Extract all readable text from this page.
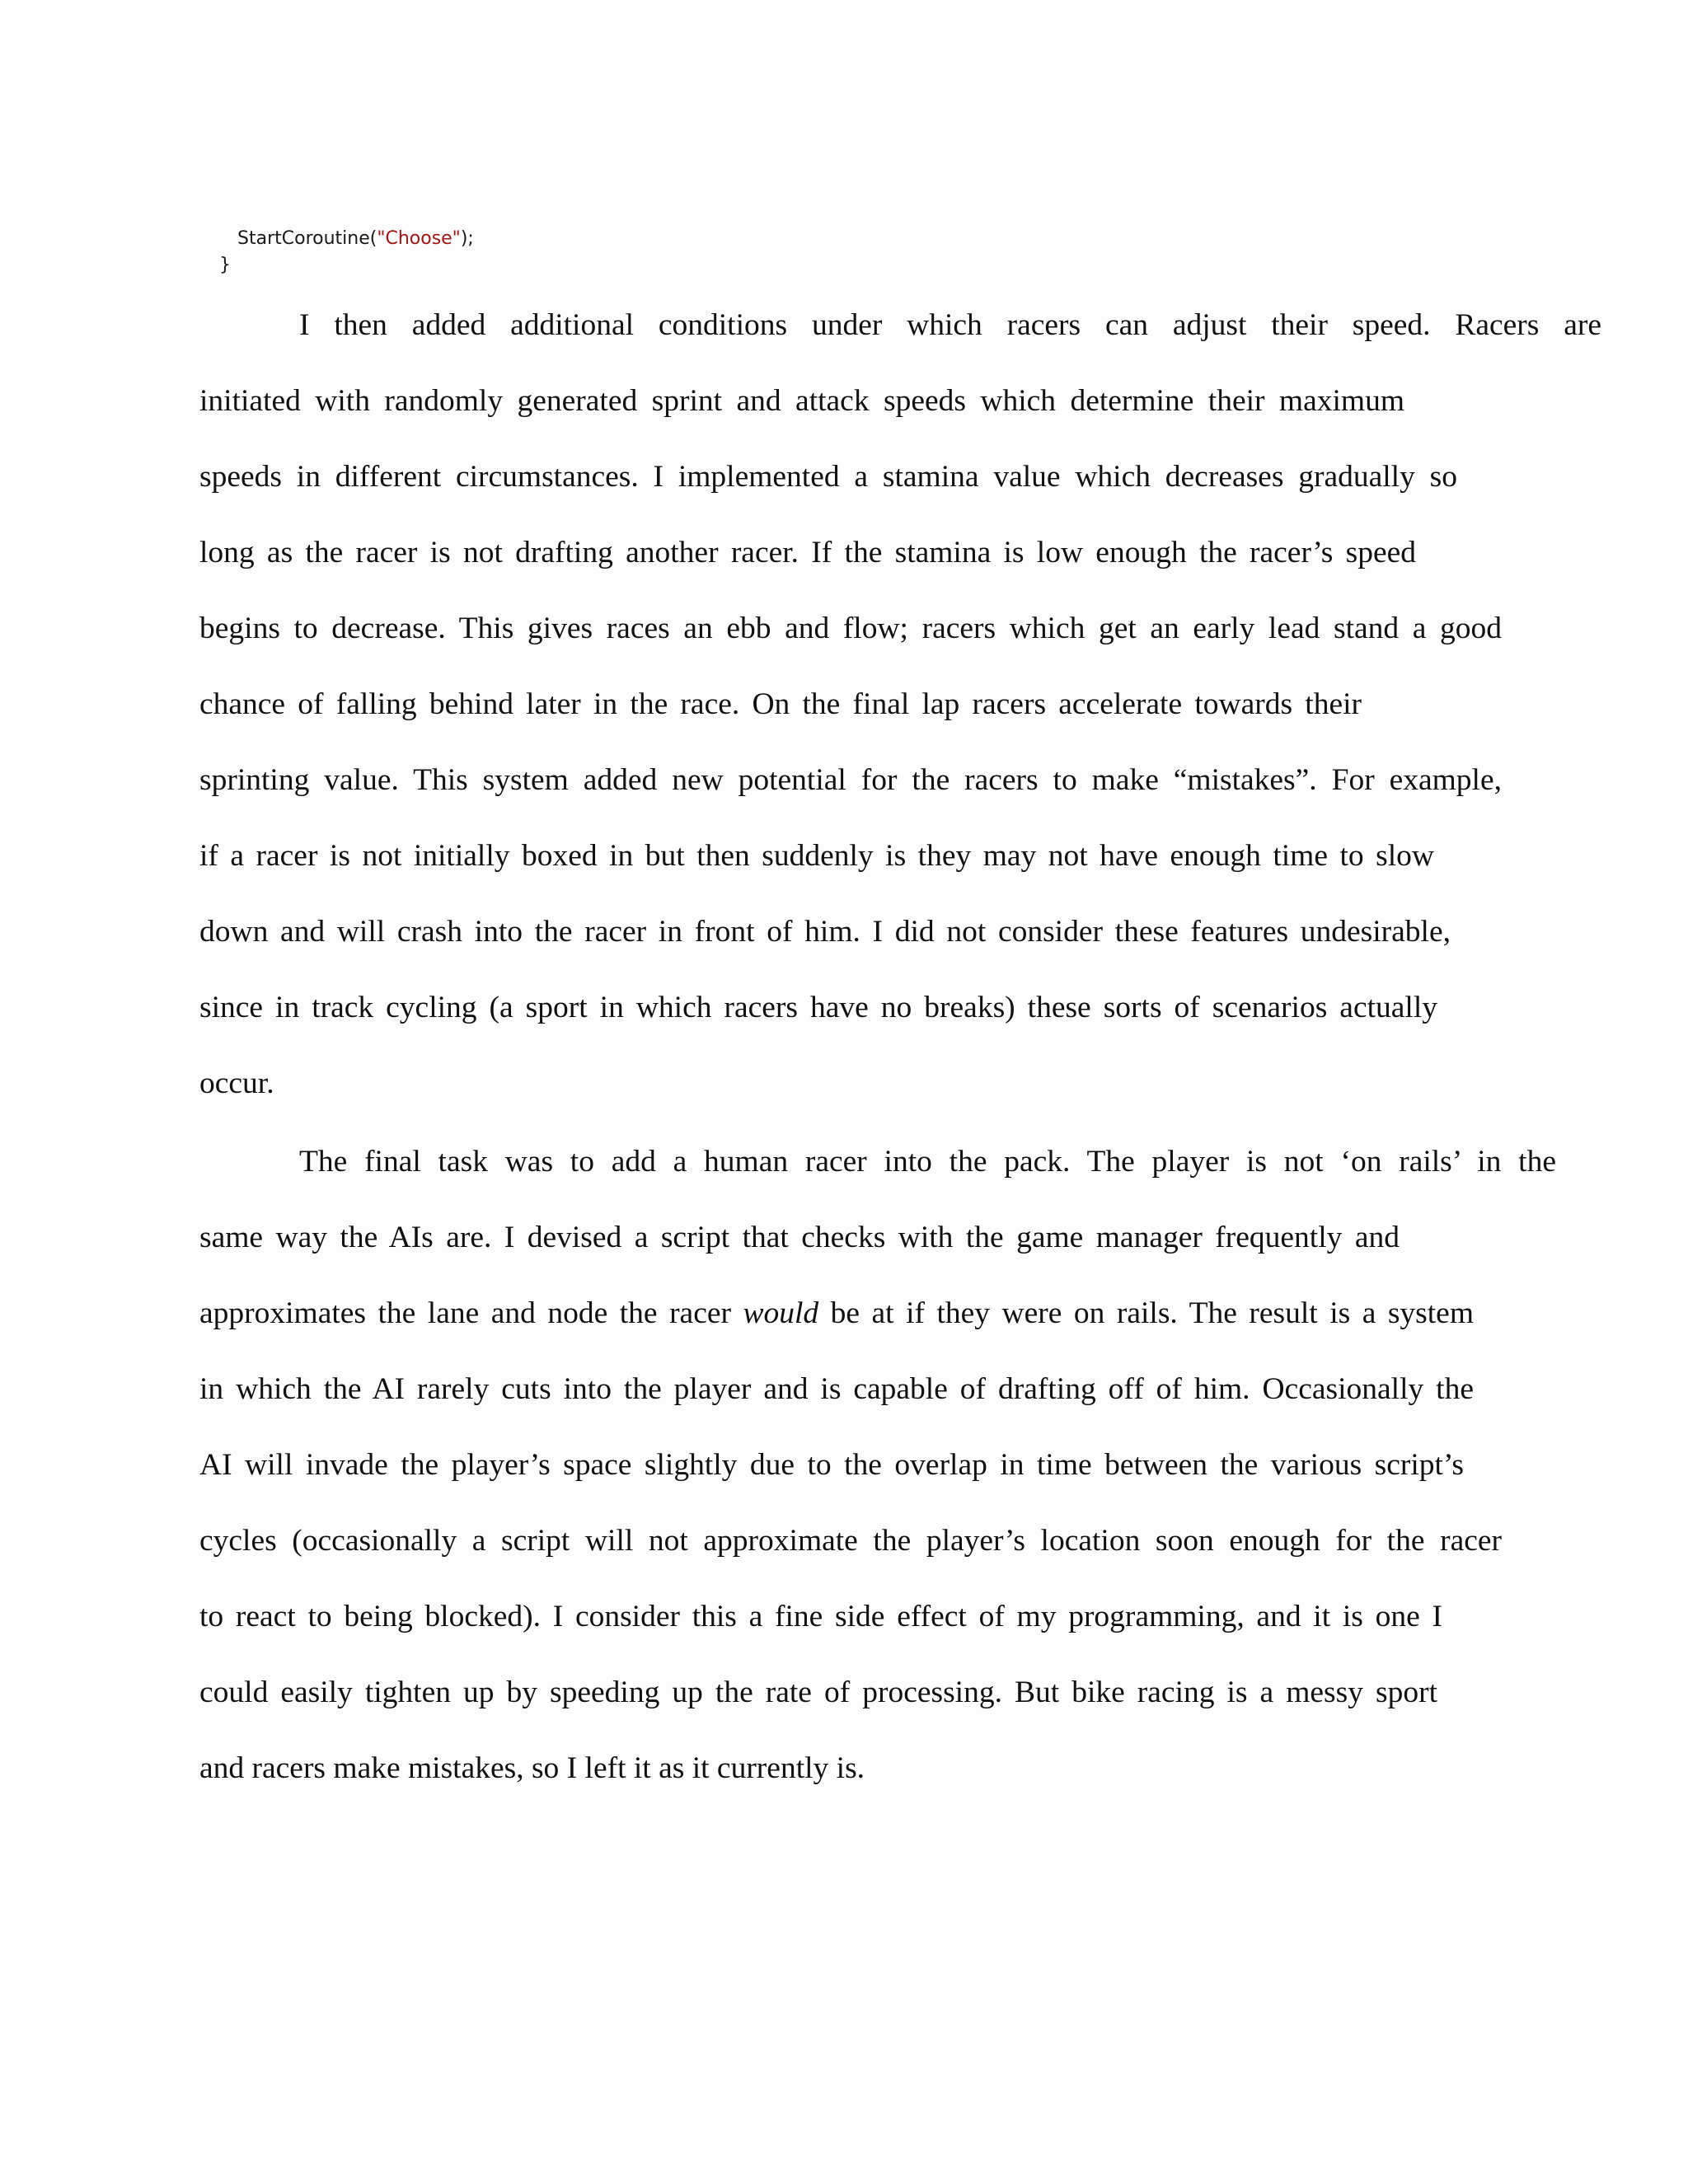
StartCoroutine("Choose");
}
I then added additional conditions under which racers can adjust their speed. Racers are
initiated with randomly generated sprint and attack speeds which determine their maximum
speeds in different circumstances. I implemented a stamina value which decreases gradually so
long as the racer is not drafting another racer. If the stamina is low enough the racer’s speed
begins to decrease. This gives races an ebb and flow; racers which get an early lead stand a good
chance of falling behind later in the race. On the final lap racers accelerate towards their
sprinting value. This system added new potential for the racers to make “mistakes”. For example,
if a racer is not initially boxed in but then suddenly is they may not have enough time to slow
down and will crash into the racer in front of him. I did not consider these features undesirable,
since in track cycling (a sport in which racers have no breaks) these sorts of scenarios actually
occur.
The final task was to add a human racer into the pack. The player is not ‘on rails’ in the
same way the AIs are. I devised a script that checks with the game manager frequently and
approximates the lane and node the racer would be at if they were on rails. The result is a system
in which the AI rarely cuts into the player and is capable of drafting off of him. Occasionally the
AI will invade the player’s space slightly due to the overlap in time between the various script’s
cycles (occasionally a script will not approximate the player’s location soon enough for the racer
to react to being blocked). I consider this a fine side effect of my programming, and it is one I
could easily tighten up by speeding up the rate of processing. But bike racing is a messy sport
and racers make mistakes, so I left it as it currently is.
